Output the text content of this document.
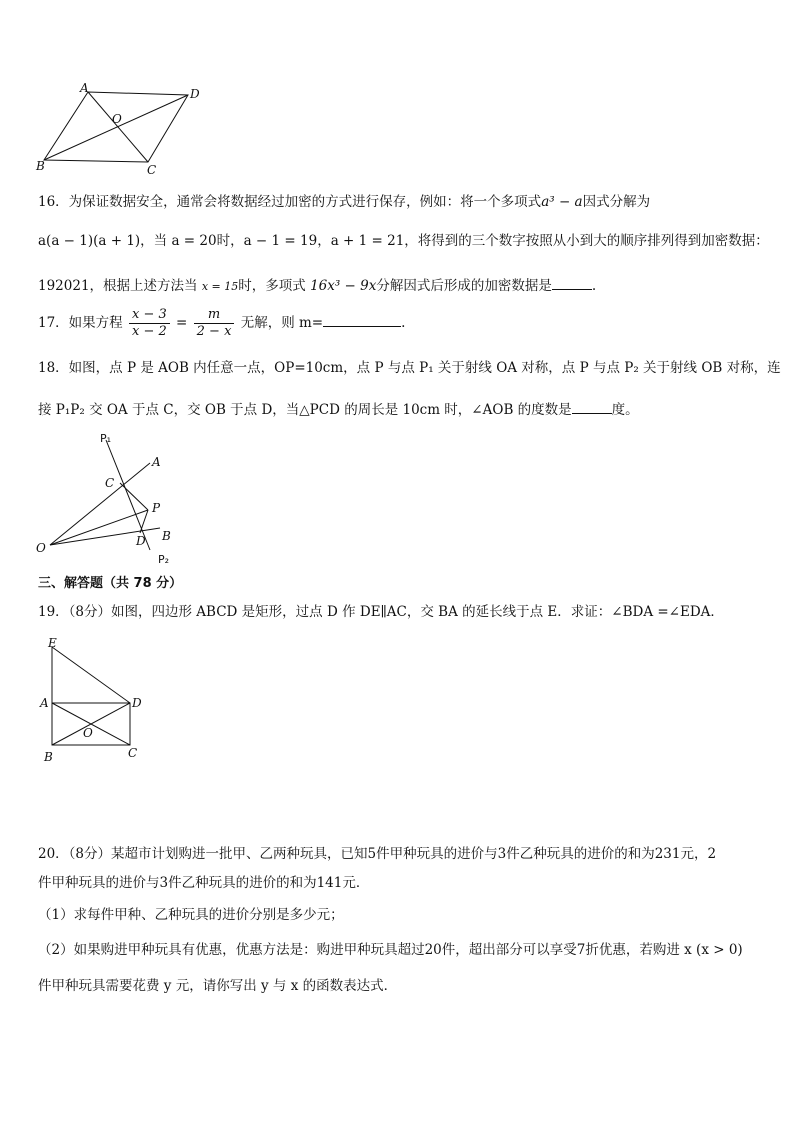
A	D
O
B	C
16．为保证数据安全，通常会将数据经过加密的方式进行保存，例如：将一个多项式a³ − a因式分解为
a(a − 1)(a + 1)，当 a = 20时，a − 1 = 19，a + 1 = 21，将得到的三个数字按照从小到大的顺序排列得到加密数据：
192021，根据上述方法当 x = 15时，多项式 16x³ − 9x分解因式后形成的加密数据是	.
17．如果方程 $\frac{x - 3}{x - 2} = \frac{m}{2 - x}$ 无解，则 m=	.
18．如图，点 P 是 AOB 内任意一点，OP=10cm，点 P 与点 P₁ 关于射线 OA 对称，点 P 与点 P₂ 关于射线 OB 对称，连
接 P₁P₂ 交 OA 于点 C，交 OB 于点 D，当△PCD 的周长是 10cm 时，∠AOB 的度数是	度。
P₁
A
C
P
B
D
O
P₂
三、解答题（共 78 分）
19．（8分）如图，四边形 ABCD 是矩形，过点 D 作 DE∥AC，交 BA 的延长线于点 E．求证：∠BDA =∠EDA．
E
A	D
O
B	C
20．（8分）某超市计划购进一批甲、乙两种玩具，已知5件甲种玩具的进价与3件乙种玩具的进价的和为231元，2
件甲种玩具的进价与3件乙种玩具的进价的和为141元．
（1）求每件甲种、乙种玩具的进价分别是多少元；
（2）如果购进甲种玩具有优惠，优惠方法是：购进甲种玩具超过20件，超出部分可以享受7折优惠，若购进 x (x > 0)
件甲种玩具需要花费 y 元，请你写出 y 与 x 的函数表达式．
